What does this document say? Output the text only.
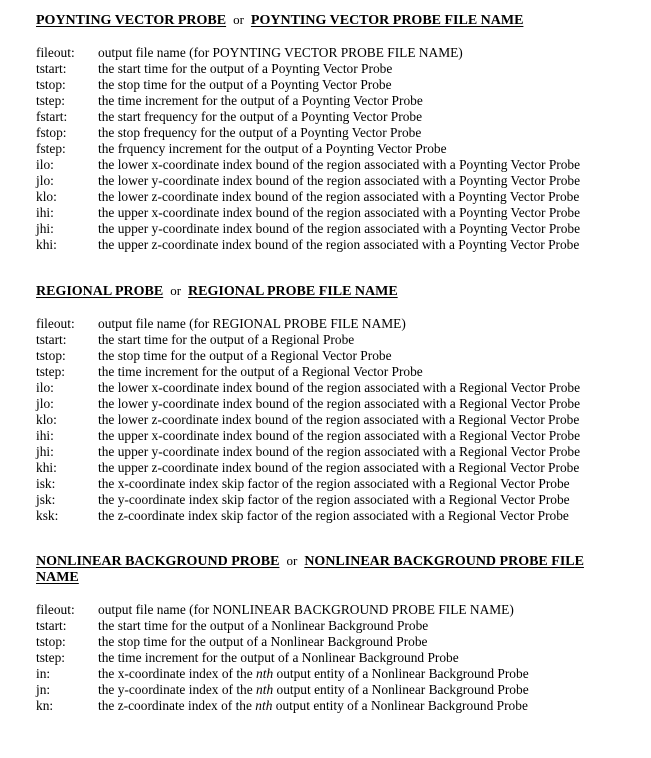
POYNTING VECTOR PROBE or POYNTING VECTOR PROBE FILE NAME

fileout:	output file name (for POYNTING VECTOR PROBE FILE NAME)
tstart:	the start time for the output of a Poynting Vector Probe
tstop:	the stop time for the output of a Poynting Vector Probe
tstep:	the time increment for the output of a Poynting Vector Probe
fstart:	the start frequency for the output of a Poynting Vector Probe
fstop:	the stop frequency for the output of a Poynting Vector Probe
fstep:	the frquency increment for the output of a Poynting Vector Probe
ilo:	the lower x-coordinate index bound of the region associated with a Poynting Vector Probe
jlo:	the lower y-coordinate index bound of the region associated with a Poynting Vector Probe
klo:	the lower z-coordinate index bound of the region associated with a Poynting Vector Probe
ihi:	the upper x-coordinate index bound of the region associated with a Poynting Vector Probe
jhi:	the upper y-coordinate index bound of the region associated with a Poynting Vector Probe
khi:	the upper z-coordinate index bound of the region associated with a Poynting Vector Probe

REGIONAL PROBE or REGIONAL PROBE FILE NAME

fileout:	output file name (for REGIONAL PROBE FILE NAME)
tstart:	the start time for the output of a Regional Probe
tstop:	the stop time for the output of a Regional Vector Probe
tstep:	the time increment for the output of a Regional Vector Probe
ilo:	the lower x-coordinate index bound of the region associated with a Regional Vector Probe
jlo:	the lower y-coordinate index bound of the region associated with a Regional Vector Probe
klo:	the lower z-coordinate index bound of the region associated with a Regional Vector Probe
ihi:	the upper x-coordinate index bound of the region associated with a Regional Vector Probe
jhi:	the upper y-coordinate index bound of the region associated with a Regional Vector Probe
khi:	the upper z-coordinate index bound of the region associated with a Regional Vector Probe
isk:	the x-coordinate index skip factor of the region associated with a Regional Vector Probe
jsk:	the y-coordinate index skip factor of the region associated with a Regional Vector Probe
ksk:	the z-coordinate index skip factor of the region associated with a Regional Vector Probe

NONLINEAR BACKGROUND PROBE or NONLINEAR BACKGROUND PROBE FILE NAME

fileout:	output file name (for NONLINEAR BACKGROUND PROBE FILE NAME)
tstart:	the start time for the output of a Nonlinear Background Probe
tstop:	the stop time for the output of a Nonlinear Background Probe
tstep:	the time increment for the output of a Nonlinear Background Probe
in:	the x-coordinate index of the nth output entity of a Nonlinear Background Probe
jn:	the y-coordinate index of the nth output entity of a Nonlinear Background Probe
kn:	the z-coordinate index of the nth output entity of a Nonlinear Background Probe
